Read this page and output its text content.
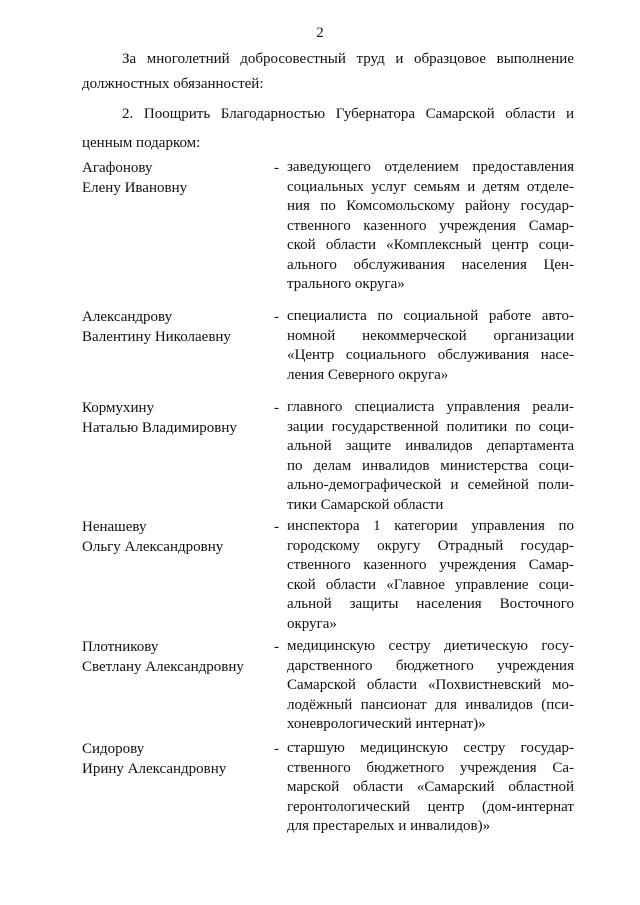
2
За многолетний добросовестный труд и образцовое выполнение
должностных обязанностей:
2. Поощрить Благодарностью Губернатора Самарской области и
ценным подарком:
Агафонову
Елену Ивановну
- заведующего отделением предоставления
социальных услуг семьям и детям отделе-
ния по Комсомольскому району государ-
ственного казенного учреждения Самар-
ской области «Комплексный центр соци-
ального обслуживания населения Цен-
трального округа»
Александрову
Валентину Николаевну
- специалиста по социальной работе авто-
номной некоммерческой организации
«Центр социального обслуживания насе-
ления Северного округа»
Кормухину
Наталью Владимировну
- главного специалиста управления реали-
зации государственной политики по соци-
альной защите инвалидов департамента
по делам инвалидов министерства соци-
ально-демографической и семейной поли-
тики Самарской области
Ненашеву
Ольгу Александровну
- инспектора 1 категории управления по
городскому округу Отрадный государ-
ственного казенного учреждения Самар-
ской области «Главное управление соци-
альной защиты населения Восточного
округа»
Плотникову
Светлану Александровну
- медицинскую сестру диетическую госу-
дарственного бюджетного учреждения
Самарской области «Похвистневский мо-
лодёжный пансионат для инвалидов (пси-
хоневрологический интернат)»
Сидорову
Ирину Александровну
- старшую медицинскую сестру государ-
ственного бюджетного учреждения Са-
марской области «Самарский областной
геронтологический центр (дом-интернат
для престарелых и инвалидов)»
